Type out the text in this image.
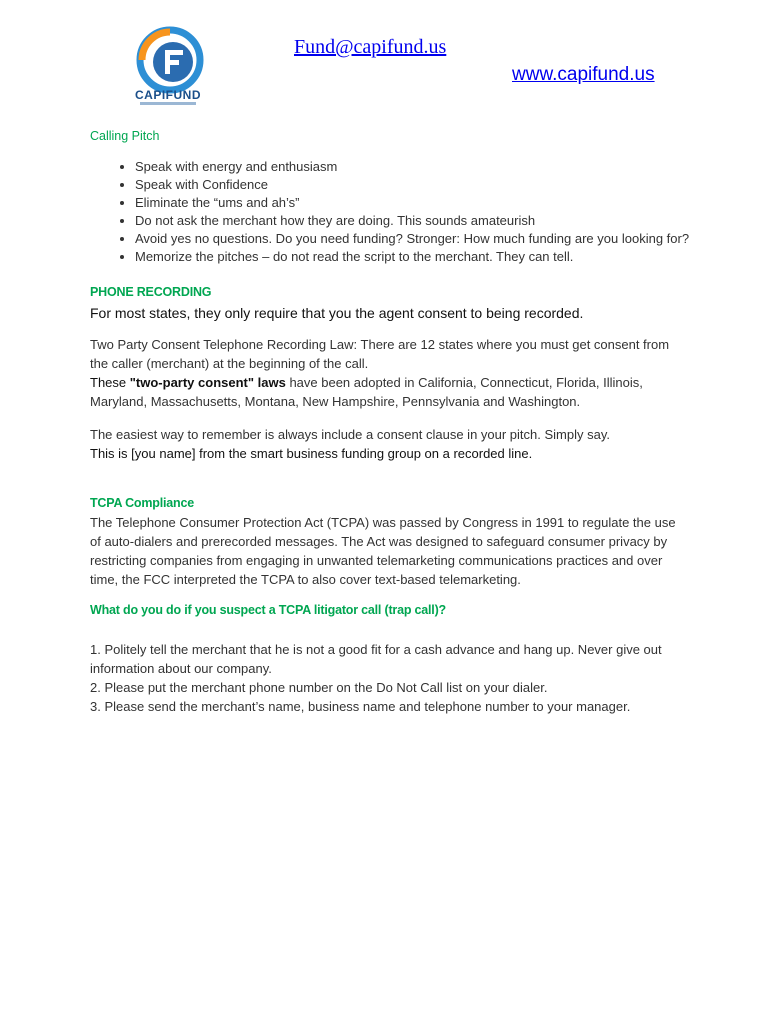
CAPIFUND
Fund@capifund.us
www.capifund.us
Calling Pitch
• Speak with energy and enthusiasm
• Speak with Confidence
• Eliminate the “ums and ah’s”
• Do not ask the merchant how they are doing. This sounds amateurish
• Avoid yes no questions. Do you need funding? Stronger: How much funding are you looking for?
• Memorize the pitches – do not read the script to the merchant. They can tell.
PHONE RECORDING

For most states, they only require that you the agent consent to being recorded.

Two Party Consent Telephone Recording Law: There are 12 states where you must get consent from the caller (merchant) at the beginning of the call.

These "two-party consent" laws have been adopted in California, Connecticut, Florida, Illinois, Maryland, Massachusetts, Montana, New Hampshire, Pennsylvania and Washington.

The easiest way to remember is always include a consent clause in your pitch. Simply say.

This is [you name] from the smart business funding group on a recorded line.

TCPA Compliance

The Telephone Consumer Protection Act (TCPA) was passed by Congress in 1991 to regulate the use of auto-dialers and prerecorded messages. The Act was designed to safeguard consumer privacy by restricting companies from engaging in unwanted telemarketing communications practices and over time, the FCC interpreted the TCPA to also cover text-based telemarketing.

What do you do if you suspect a TCPA litigator call (trap call)?

1. Politely tell the merchant that he is not a good fit for a cash advance and hang up. Never give out information about our company.

2. Please put the merchant phone number on the Do Not Call list on your dialer.

3. Please send the merchant’s name, business name and telephone number to your manager.
